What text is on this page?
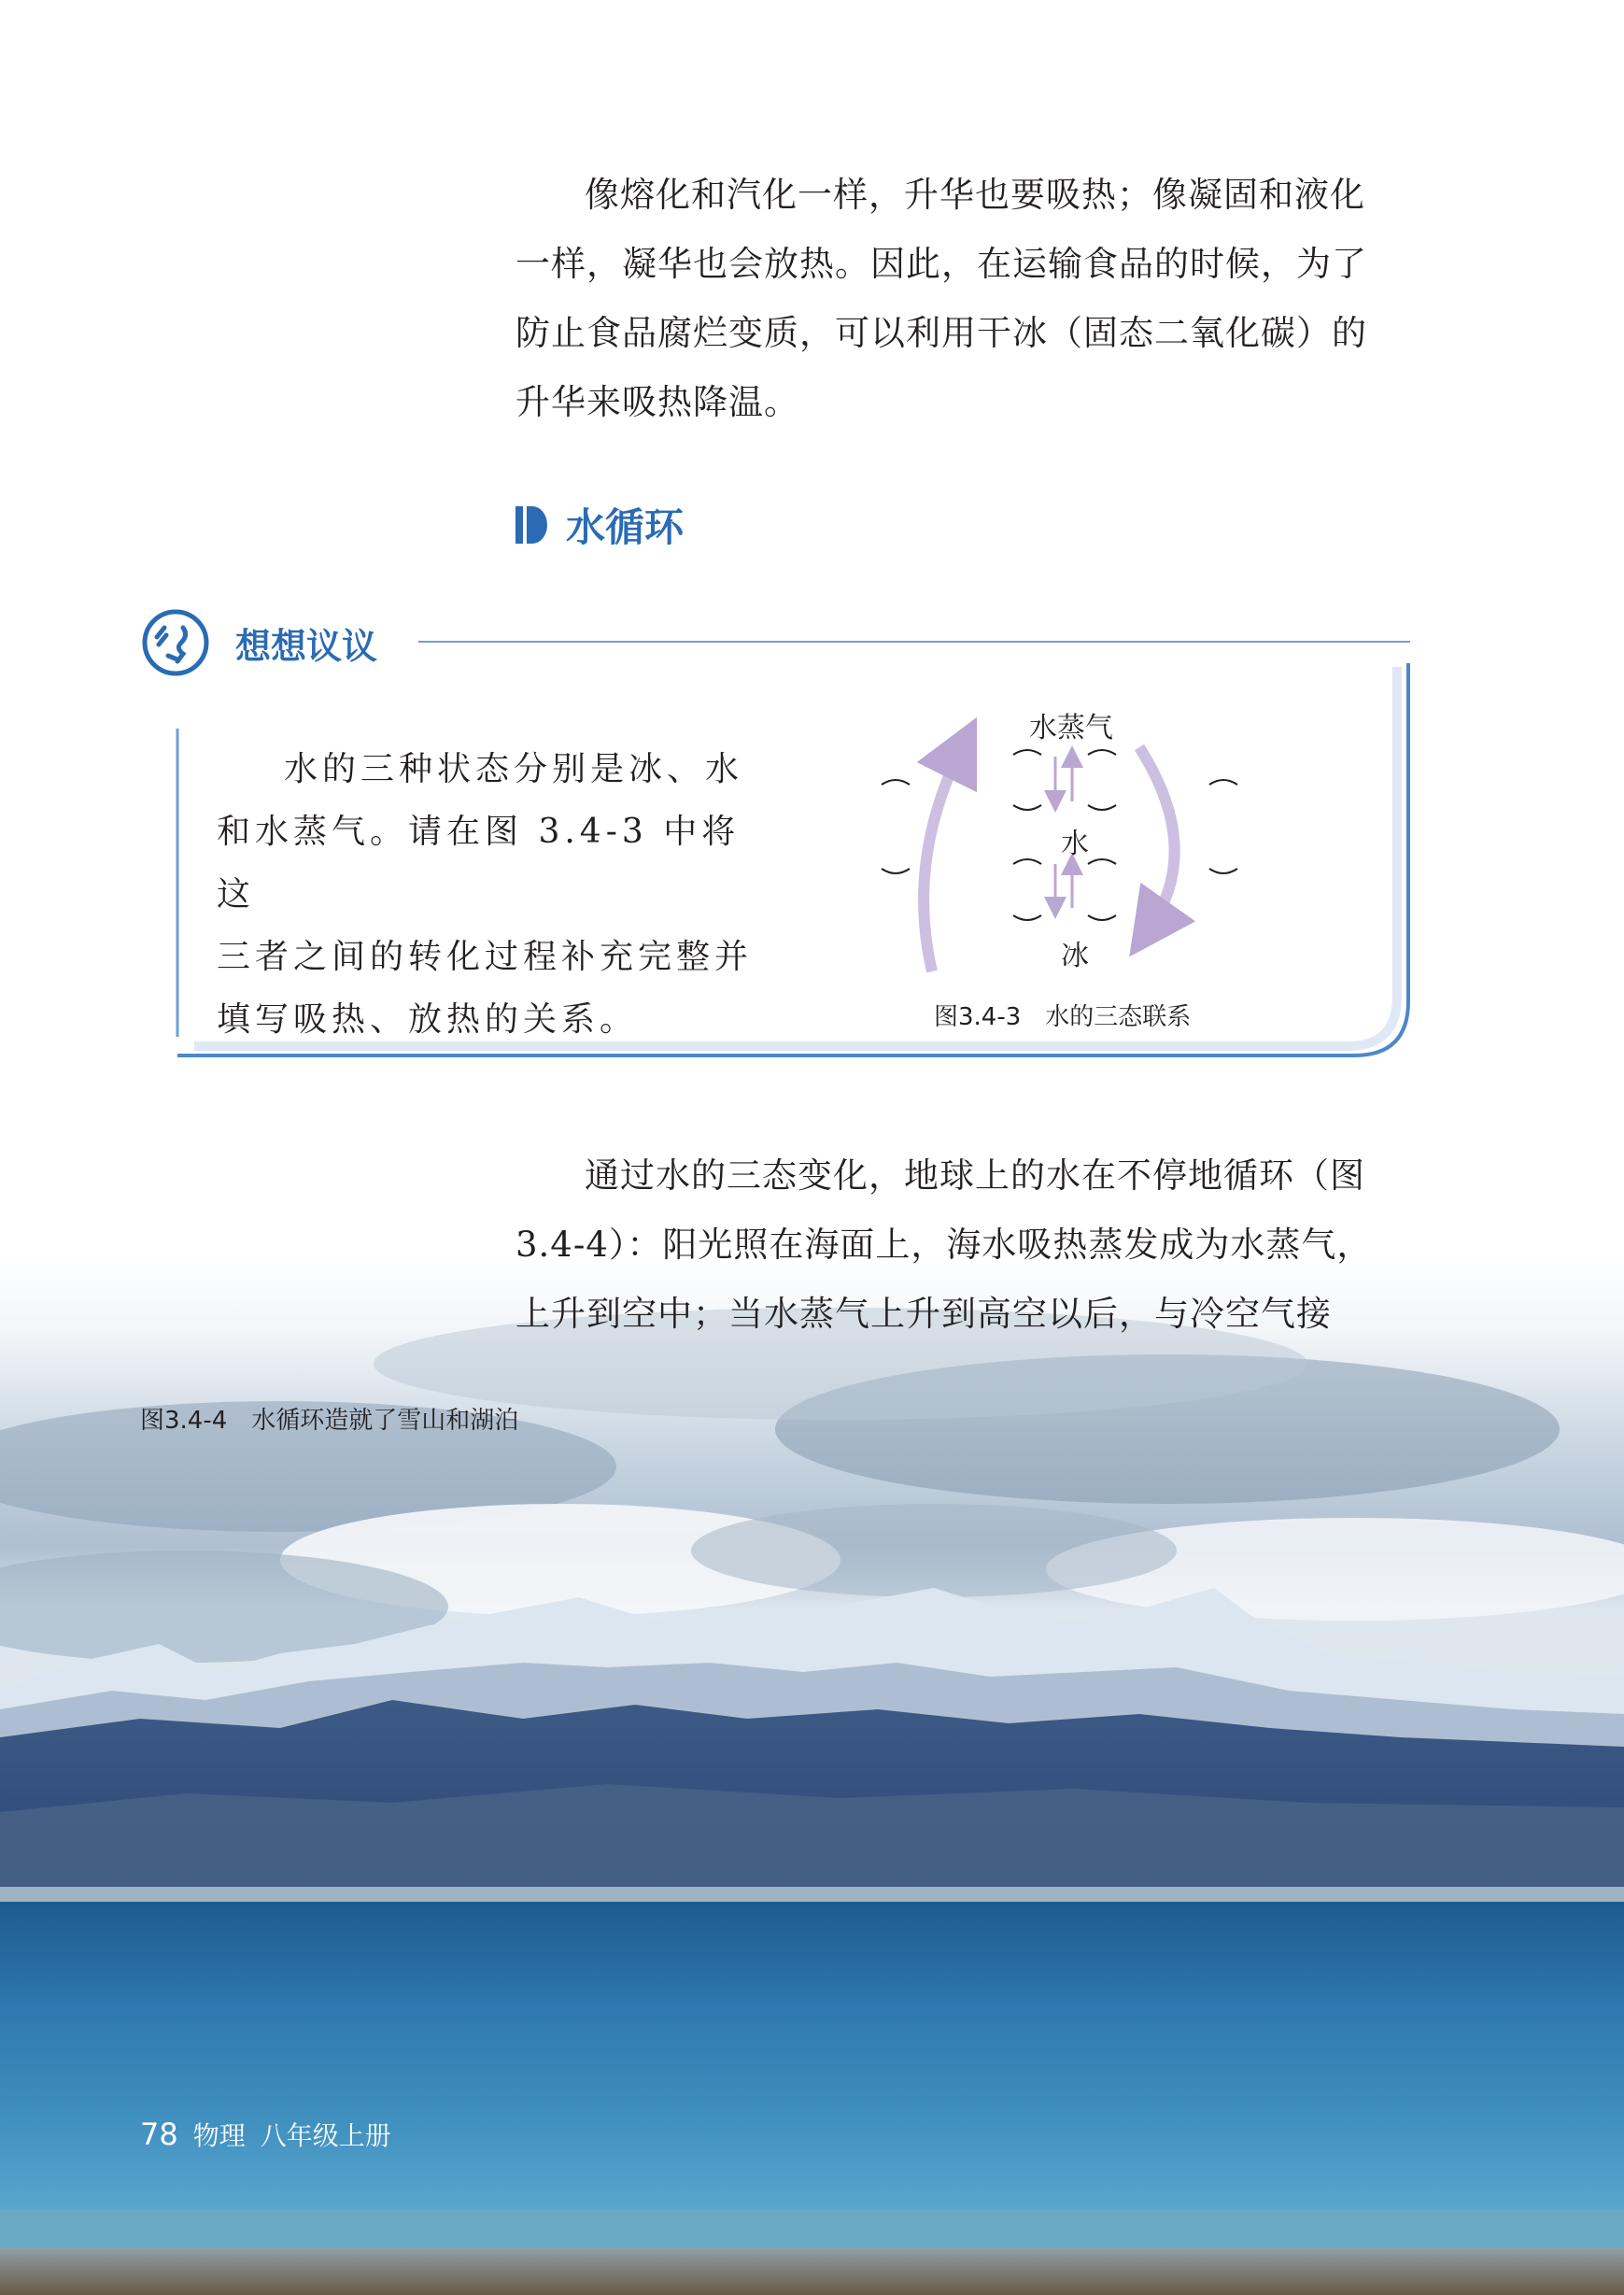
像熔化和汽化一样，升华也要吸热；像凝固和液化

一样，凝华也会放热。因此，在运输食品的时候，为了

防止食品腐烂变质，可以利用干冰（固态二氧化碳）的

升华来吸热降温。

水循环
想想议议

水的三种状态分别是冰、水

和水蒸气。请在图 3.4-3 中将这

三者之间的转化过程补充完整并

填写吸热、放热的关系。

水蒸气
水
冰
图3.4-3　水的三态联系

通过水的三态变化，地球上的水在不停地循环（图

3.4-4）：阳光照在海面上，海水吸热蒸发成为水蒸气，

上升到空中；当水蒸气上升到高空以后，与冷空气接

图3.4-4　水循环造就了雪山和湖泊
78 物理 八年级上册
